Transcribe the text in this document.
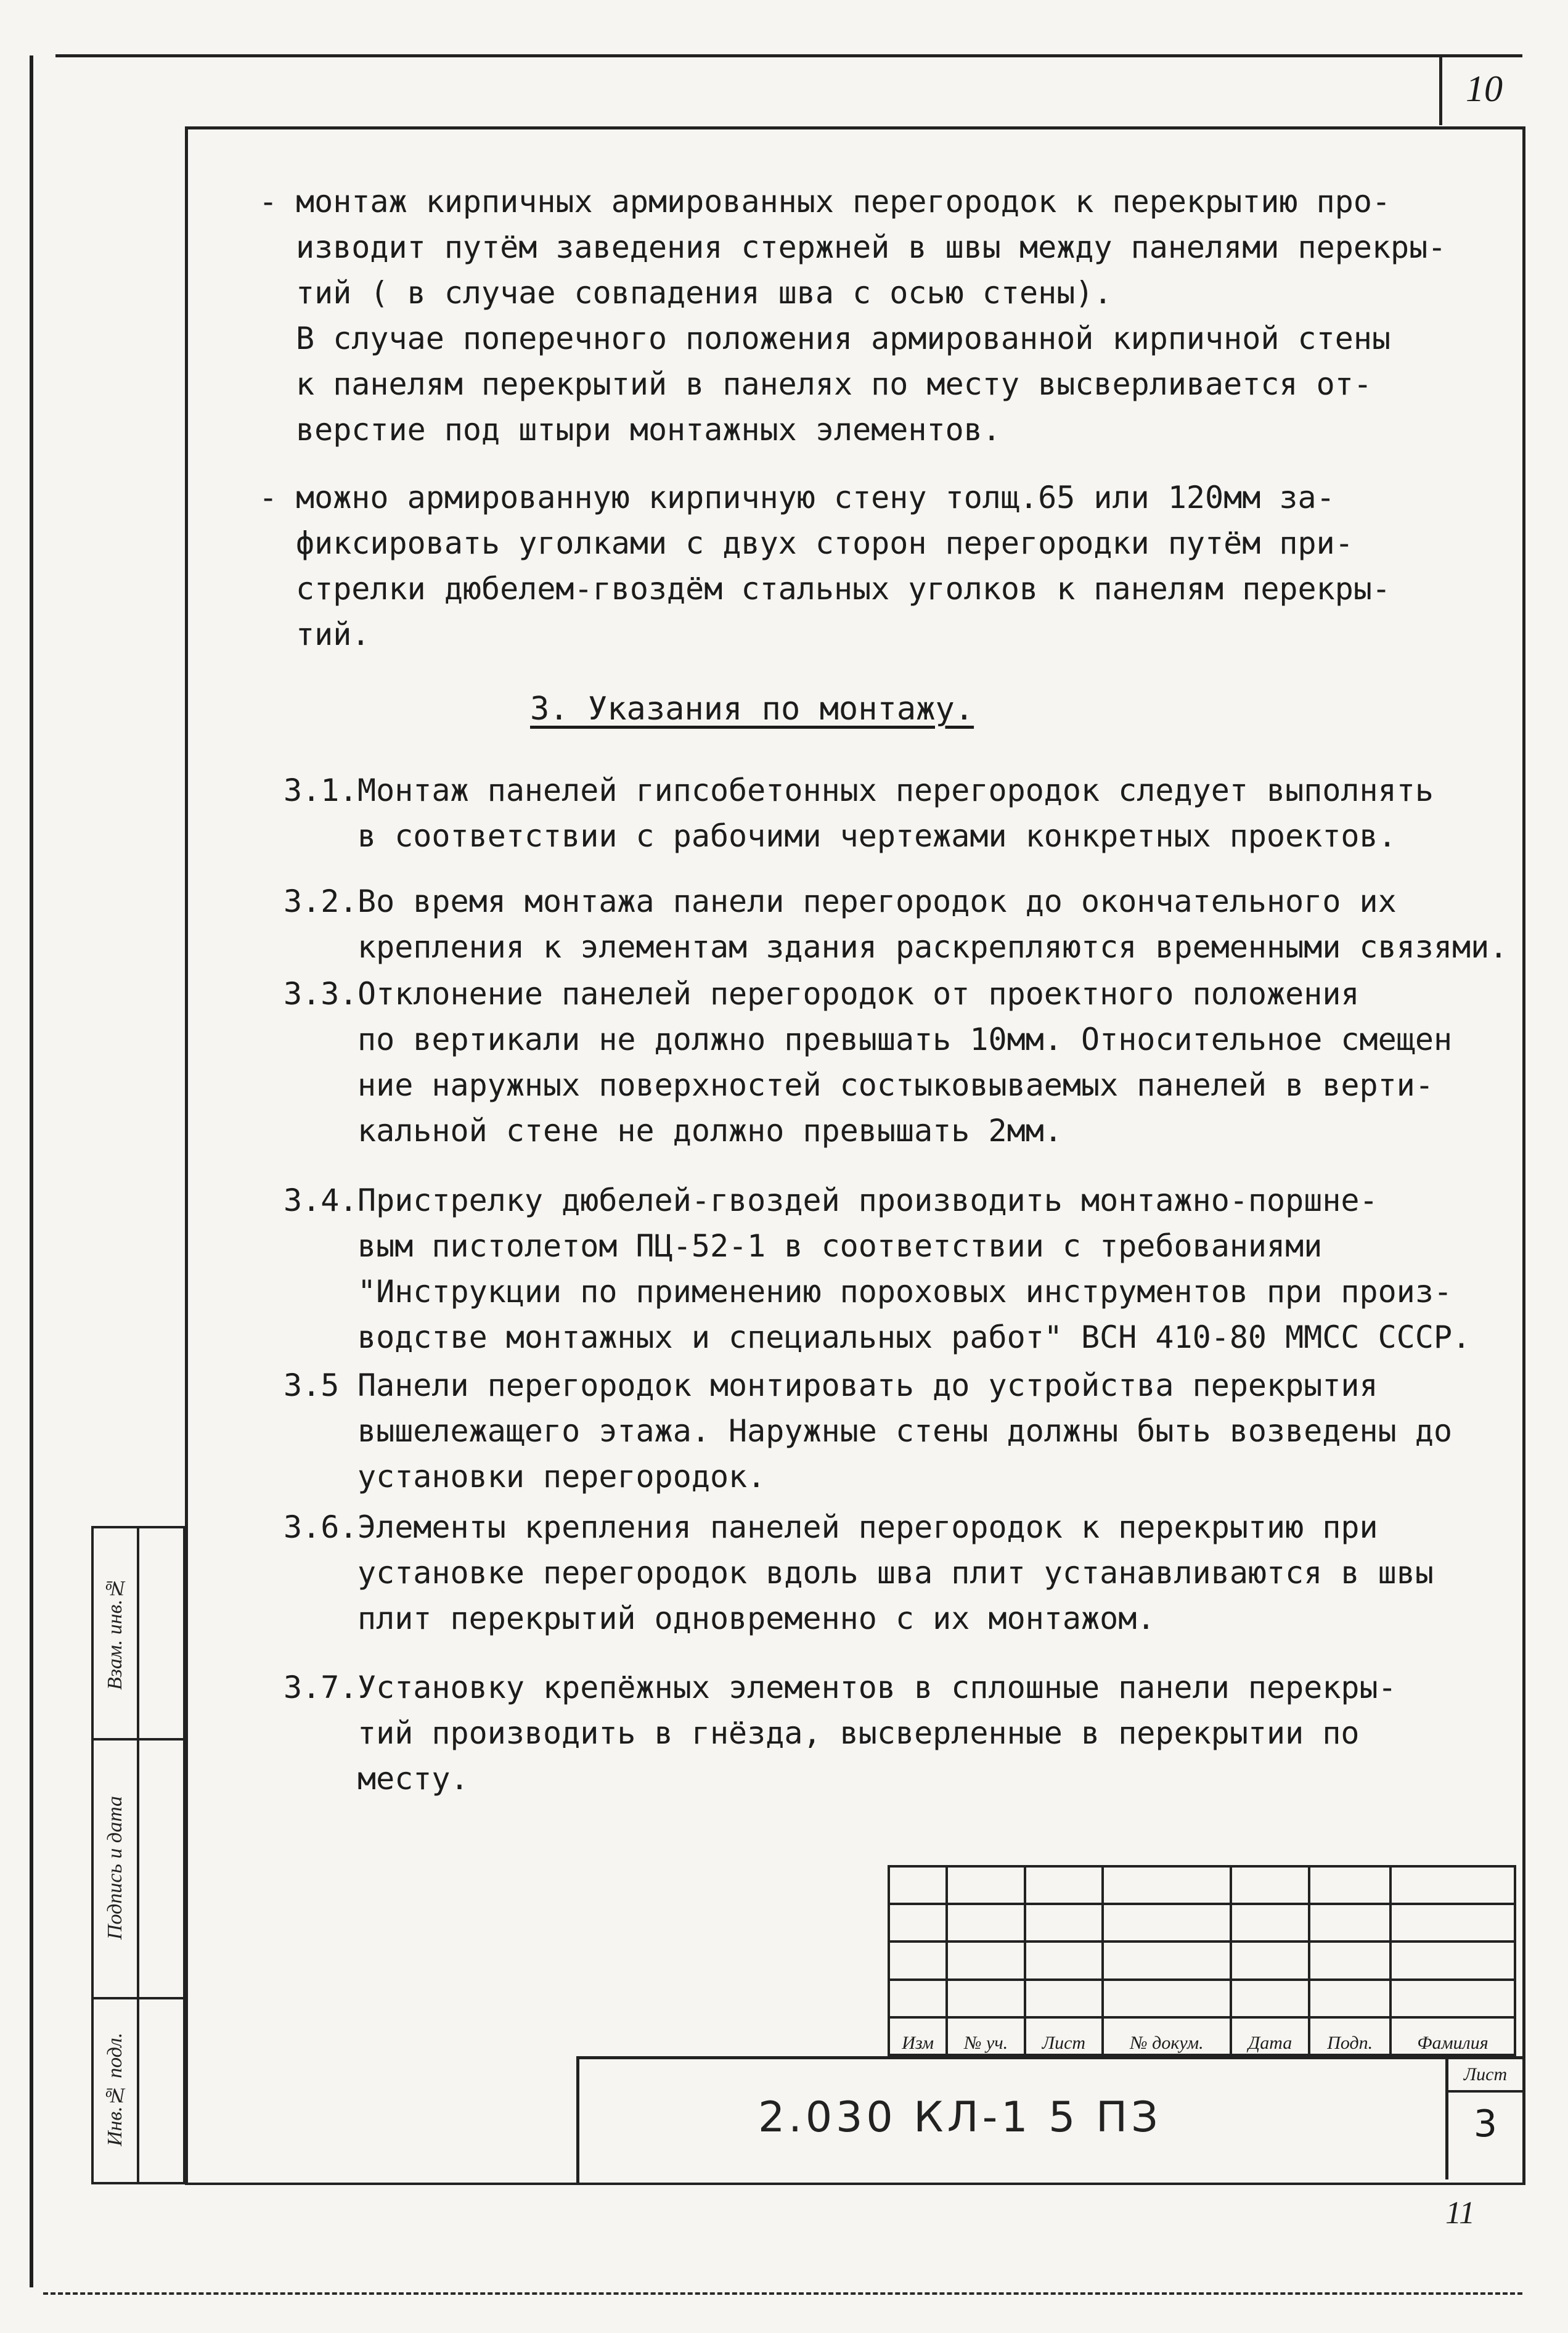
10
- монтаж кирпичных армированных перегородок к перекрытию про-
изводит путём заведения стержней в швы между панелями перекры-
тий ( в случае совпадения шва с осью стены).
В случае поперечного положения армированной кирпичной стены
к панелям перекрытий в панелях по месту высверливается от-
верстие под штыри монтажных элементов.
- можно армированную кирпичную стену толщ.65 или 120мм за-
фиксировать уголками с двух сторон перегородки путём при-
стрелки дюбелем-гвоздём стальных уголков к панелям перекры-
тий.
3. Указания по монтажу.
3.1. Монтаж панелей гипсобетонных перегородок следует выполнять
в соответствии с рабочими чертежами конкретных проектов.
3.2. Во время монтажа панели перегородок до окончательного их
крепления к элементам здания раскрепляются временными связями.
3.3. Отклонение панелей перегородок от проектного положения
по вертикали не должно превышать 10мм. Относительное смещен
ние наружных поверхностей состыковываемых панелей в верти-
кальной стене не должно превышать 2мм.
3.4. Пристрелку дюбелей-гвоздей производить монтажно-поршне-
вым пистолетом ПЦ-52-1 в соответствии с требованиями
"Инструкции по применению пороховых инструментов при произ-
водстве монтажных и специальных работ" ВСН 410-80 ММСС СССР.
3.5 Панели перегородок монтировать до устройства перекрытия
вышележащего этажа. Наружные стены должны быть возведены до
установки перегородок.
3.6. Элементы крепления панелей перегородок к перекрытию при
установке перегородок вдоль шва плит устанавливаются в швы
плит перекрытий одновременно с их монтажом.
3.7. Установку крепёжных элементов в сплошные панели перекры-
тий производить в гнёзда, высверленные в перекрытии по
месту.
Взам. инв.№
Подпись и дата
Инв.№ подл.

							Изм	№ уч.	Лист	№ докум.	Дата	Подп.	Фамилия
2.030 КЛ-1 5 ПЗ
Лист
3
11
